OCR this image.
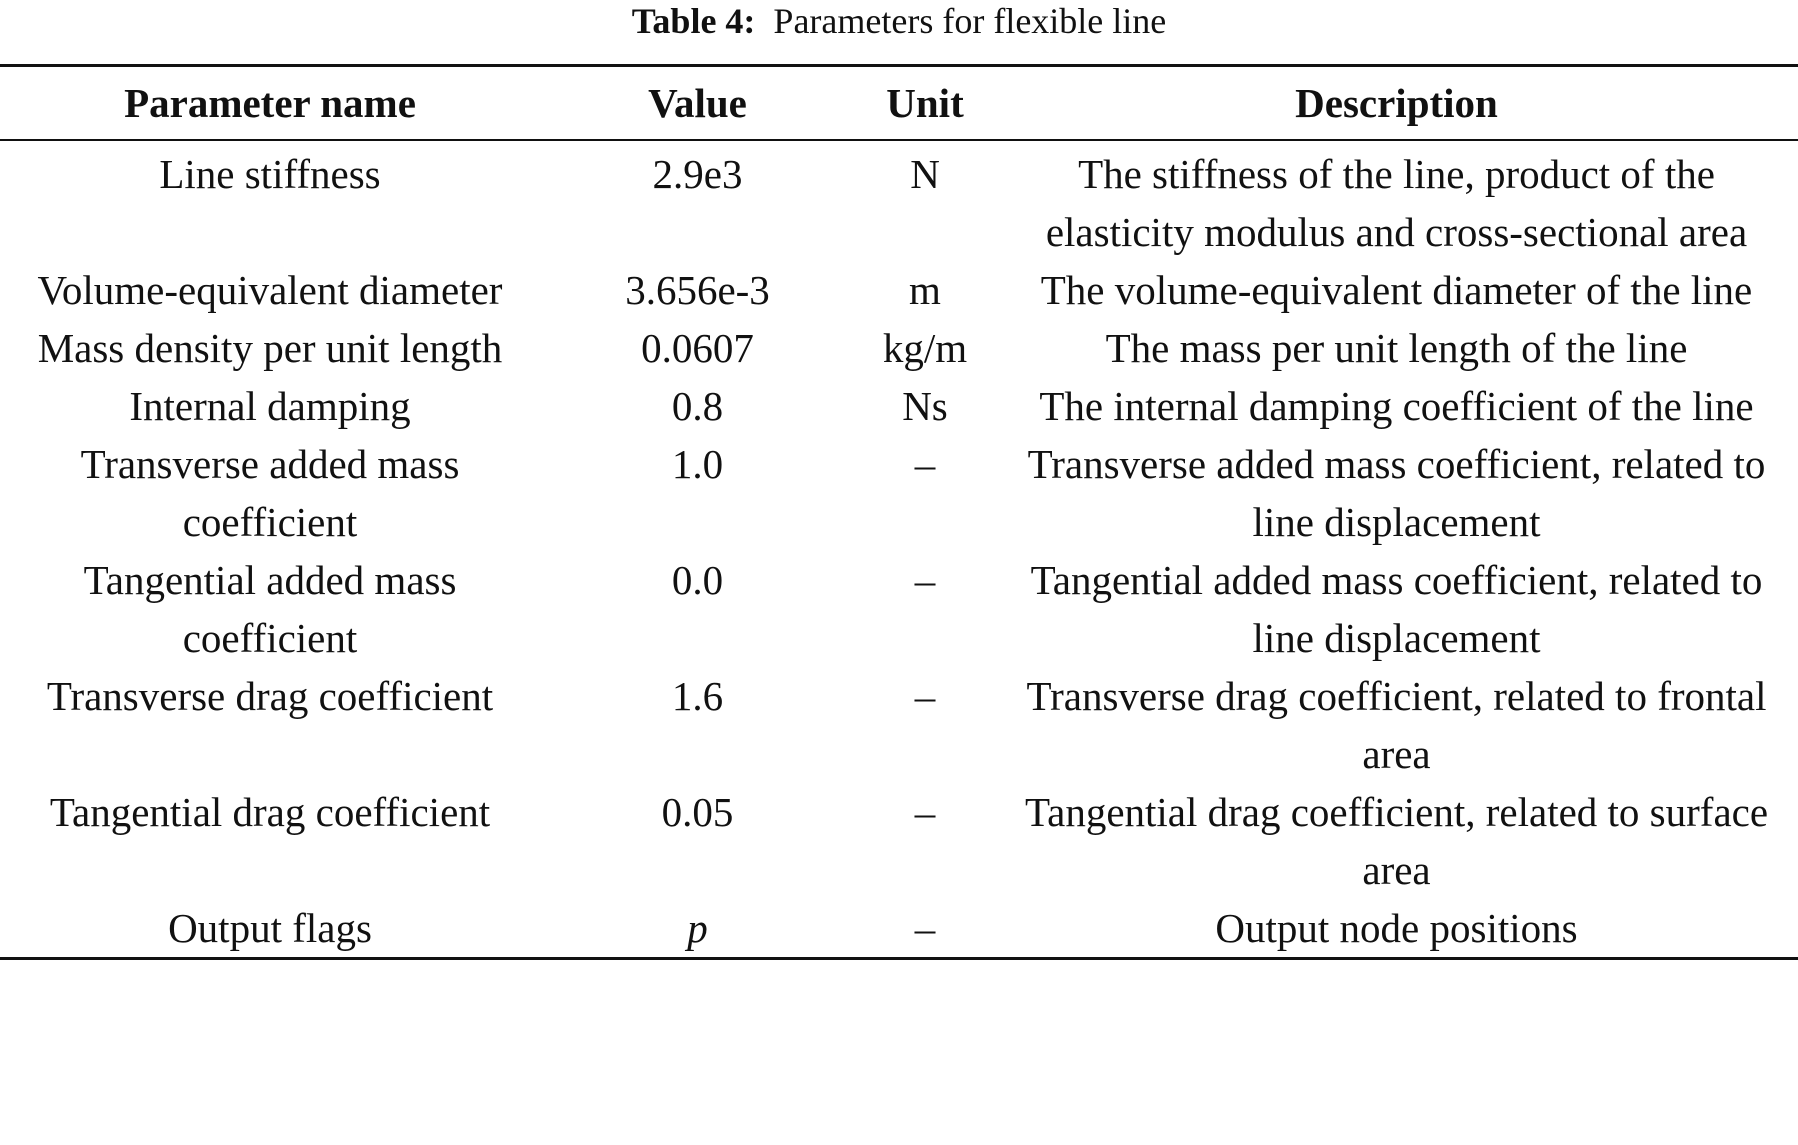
Table 4: Parameters for flexible line
Parameter name	Value	Unit	Description
Line stiffness	2.9e3	N	The stiffness of the line, product of the elasticity modulus and cross-sectional area
Volume-equivalent diameter	3.656e-3	m	The volume-equivalent diameter of the line
Mass density per unit length	0.0607	kg/m	The mass per unit length of the line
Internal damping	0.8	Ns	The internal damping coefficient of the line
Transverse added mass coefficient	1.0	–	Transverse added mass coefficient, related to line displacement
Tangential added mass coefficient	0.0	–	Tangential added mass coefficient, related to line displacement
Transverse drag coefficient	1.6	–	Transverse drag coefficient, related to frontal area
Tangential drag coefficient	0.05	–	Tangential drag coefficient, related to surface area
Output flags	p	–	Output node positions
